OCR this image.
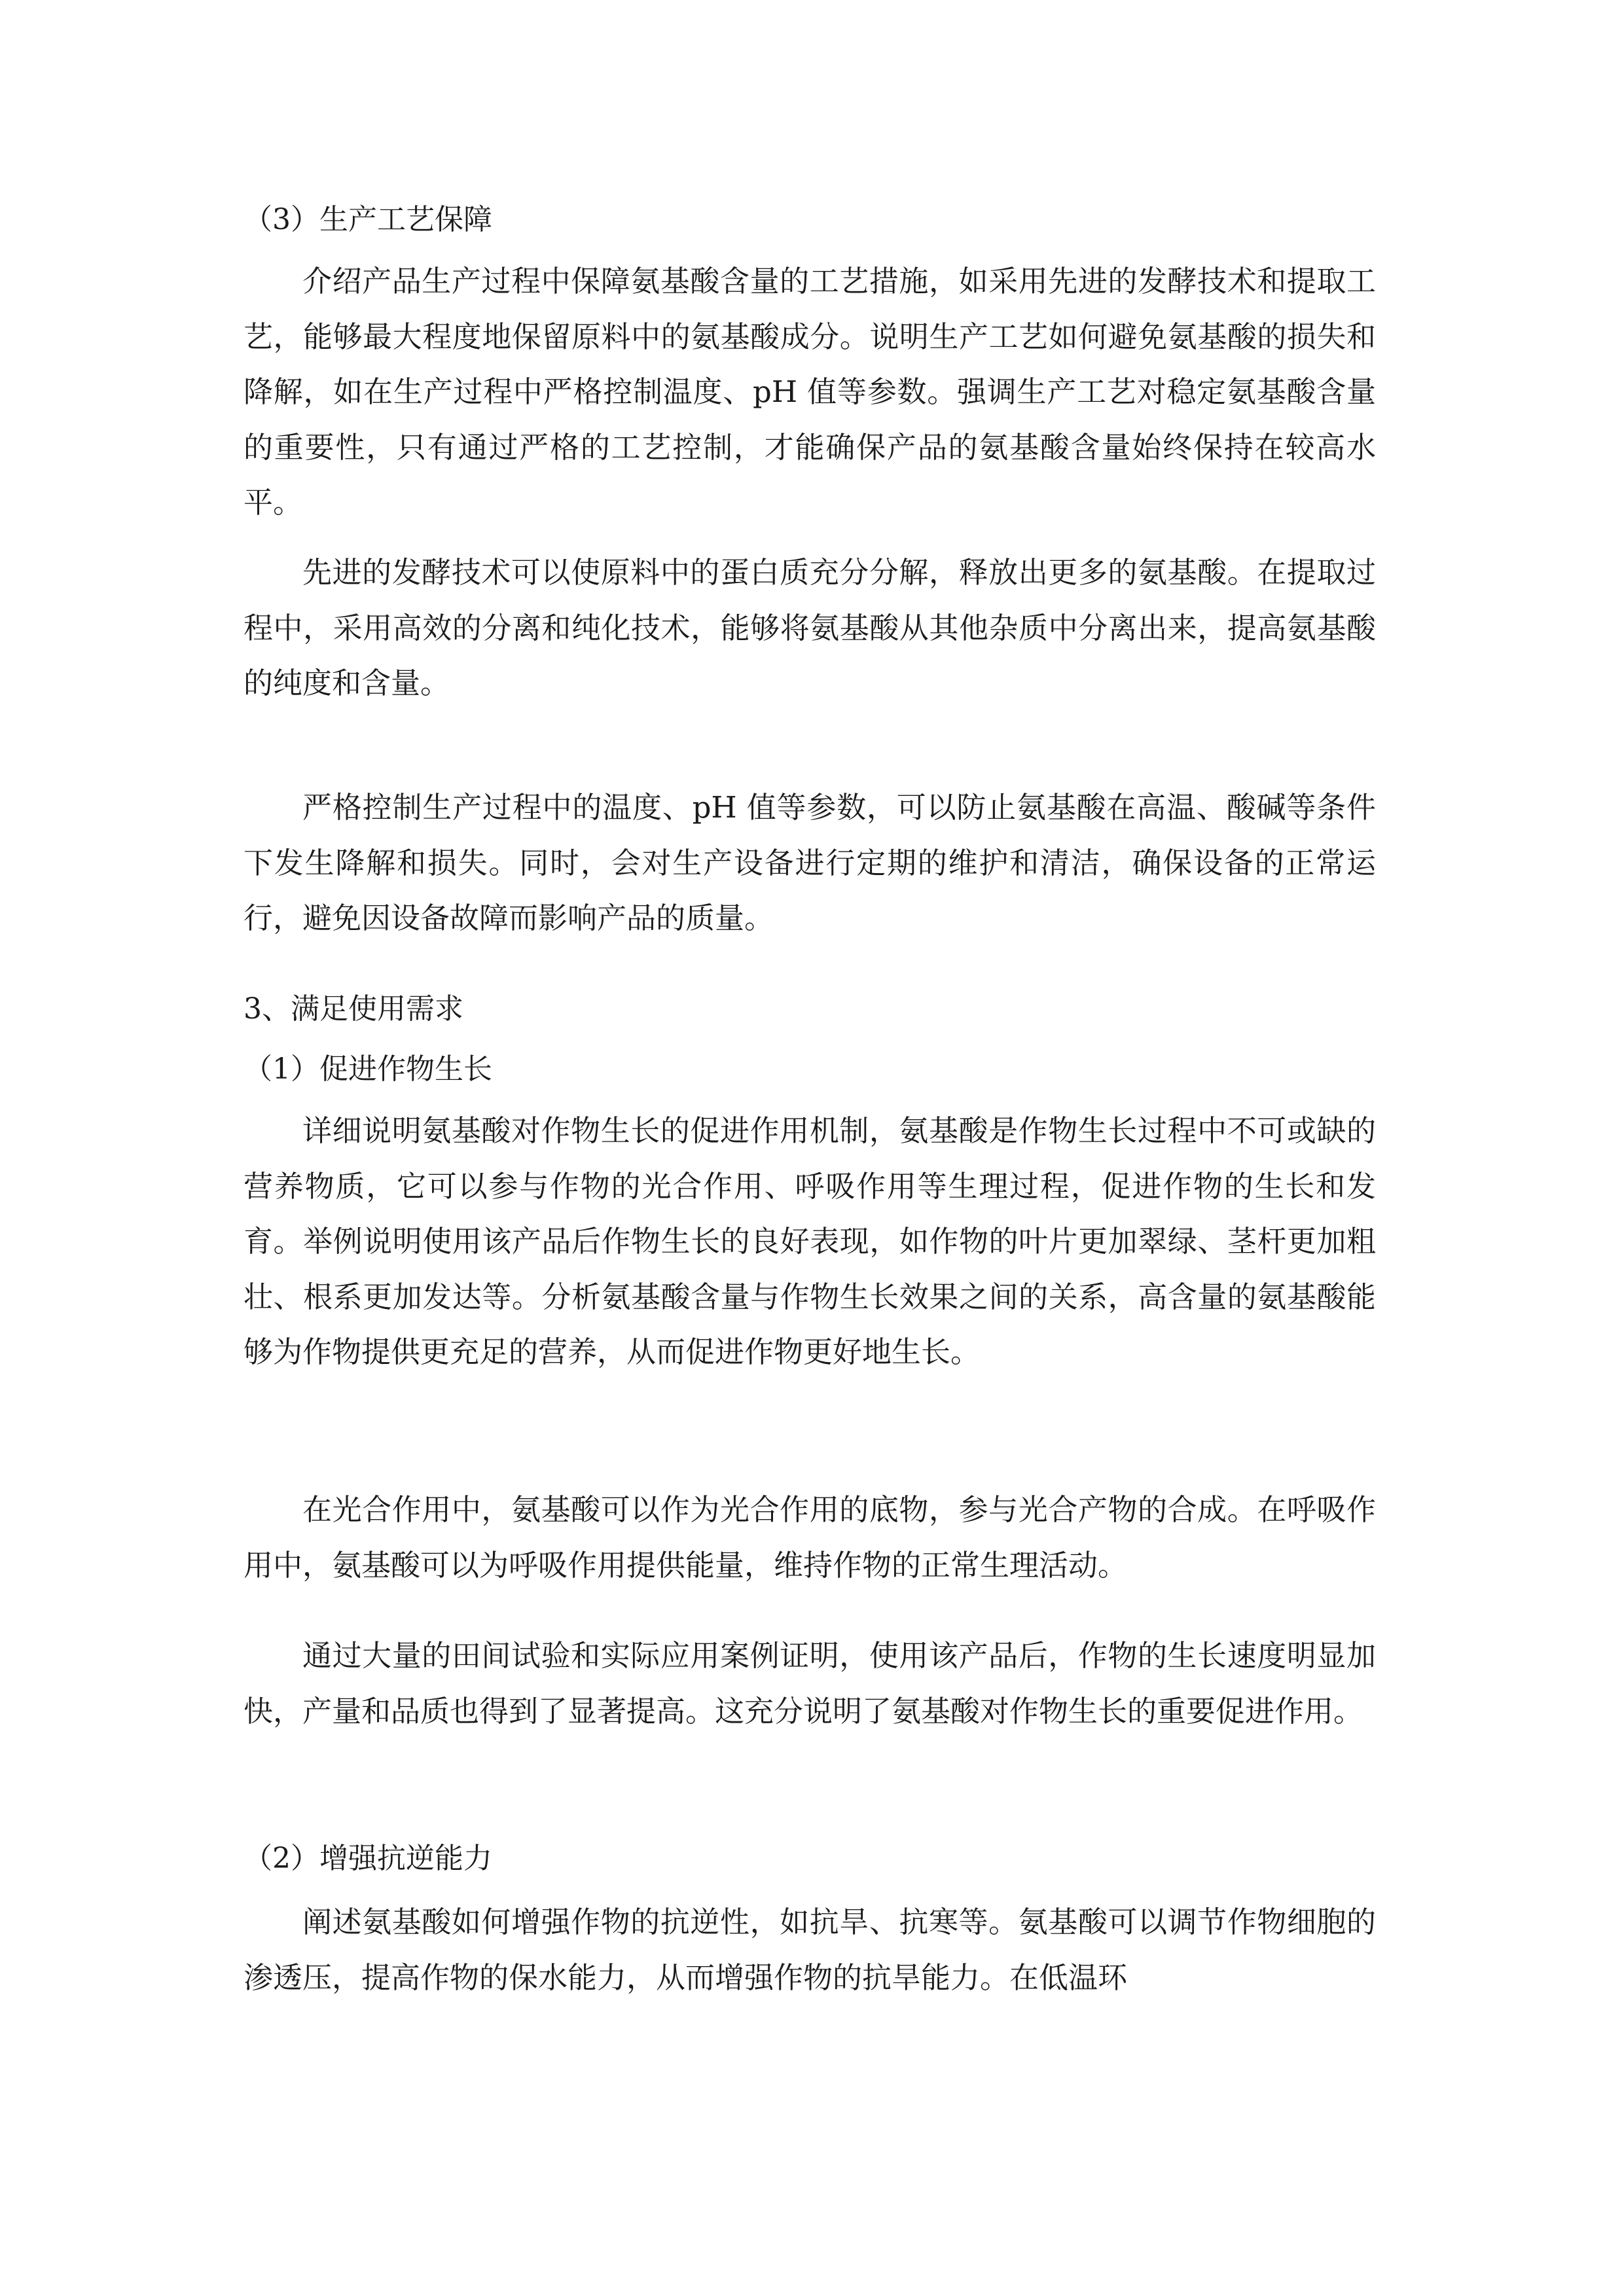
（3）生产工艺保障

介绍产品生产过程中保障氨基酸含量的工艺措施，如采用先进的发酵技术和提取工艺，能够最大程度地保留原料中的氨基酸成分。说明生产工艺如何避免氨基酸的损失和降解，如在生产过程中严格控制温度、pH 值等参数。强调生产工艺对稳定氨基酸含量的重要性，只有通过严格的工艺控制，才能确保产品的氨基酸含量始终保持在较高水平。

先进的发酵技术可以使原料中的蛋白质充分分解，释放出更多的氨基酸。在提取过程中，采用高效的分离和纯化技术，能够将氨基酸从其他杂质中分离出来，提高氨基酸的纯度和含量。

严格控制生产过程中的温度、pH 值等参数，可以防止氨基酸在高温、酸碱等条件下发生降解和损失。同时，会对生产设备进行定期的维护和清洁，确保设备的正常运行，避免因设备故障而影响产品的质量。

3、满足使用需求

（1）促进作物生长

详细说明氨基酸对作物生长的促进作用机制，氨基酸是作物生长过程中不可或缺的营养物质，它可以参与作物的光合作用、呼吸作用等生理过程，促进作物的生长和发育。举例说明使用该产品后作物生长的良好表现，如作物的叶片更加翠绿、茎杆更加粗壮、根系更加发达等。分析氨基酸含量与作物生长效果之间的关系，高含量的氨基酸能够为作物提供更充足的营养，从而促进作物更好地生长。

在光合作用中，氨基酸可以作为光合作用的底物，参与光合产物的合成。在呼吸作用中，氨基酸可以为呼吸作用提供能量，维持作物的正常生理活动。

通过大量的田间试验和实际应用案例证明，使用该产品后，作物的生长速度明显加快，产量和品质也得到了显著提高。这充分说明了氨基酸对作物生长的重要促进作用。

（2）增强抗逆能力

阐述氨基酸如何增强作物的抗逆性，如抗旱、抗寒等。氨基酸可以调节作物细胞的渗透压，提高作物的保水能力，从而增强作物的抗旱能力。在低温环
